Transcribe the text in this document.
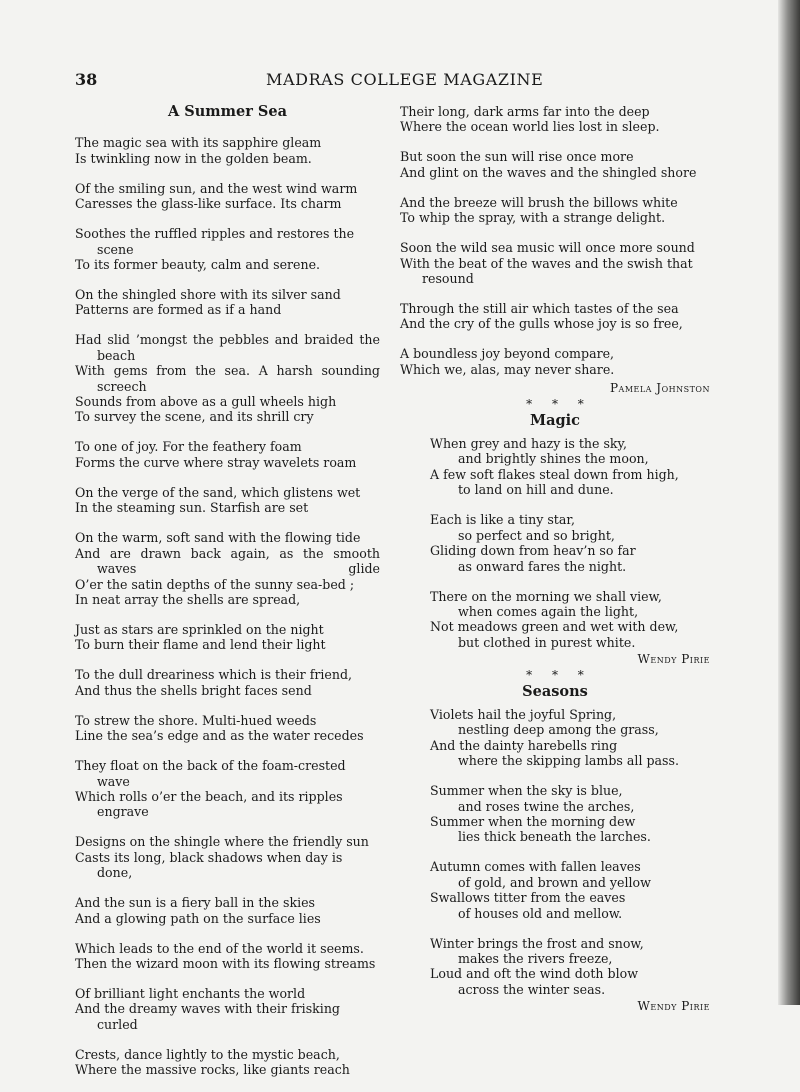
38	MADRAS COLLEGE MAGAZINE
A Summer Sea
The magic sea with its sapphire gleam
Is twinkling now in the golden beam.
Of the smiling sun, and the west wind warm
Caresses the glass-like surface. Its charm
Soothes the ruffled ripples and restores the scene
To its former beauty, calm and serene.
On the shingled shore with its silver sand
Patterns are formed as if a hand
Had slid ’mongst the pebbles and braided the beach
With gems from the sea. A harsh sounding screech
Sounds from above as a gull wheels high
To survey the scene, and its shrill cry
To one of joy. For the feathery foam
Forms the curve where stray wavelets roam
On the verge of the sand, which glistens wet
In the steaming sun. Starfish are set
On the warm, soft sand with the flowing tide
And are drawn back again, as the smooth waves glide
O’er the satin depths of the sunny sea-bed ;
In neat array the shells are spread,
Just as stars are sprinkled on the night
To burn their flame and lend their light
To the dull dreariness which is their friend,
And thus the shells bright faces send
To strew the shore. Multi-hued weeds
Line the sea’s edge and as the water recedes
They float on the back of the foam-crested wave
Which rolls o’er the beach, and its ripples engrave
Designs on the shingle where the friendly sun
Casts its long, black shadows when day is done,
And the sun is a fiery ball in the skies
And a glowing path on the surface lies
Which leads to the end of the world it seems.
Then the wizard moon with its flowing streams
Of brilliant light enchants the world
And the dreamy waves with their frisking curled
Crests, dance lightly to the mystic beach,
Where the massive rocks, like giants reach
Their long, dark arms far into the deep
Where the ocean world lies lost in sleep.
But soon the sun will rise once more
And glint on the waves and the shingled shore
And the breeze will brush the billows white
To whip the spray, with a strange delight.
Soon the wild sea music will once more sound
With the beat of the waves and the swish that resound
Through the still air which tastes of the sea
And the cry of the gulls whose joy is so free,
A boundless joy beyond compare,
Which we, alas, may never share.
Pamela Johnston
* * *
Magic
When grey and hazy is the sky,
and brightly shines the moon,
A few soft flakes steal down from high,
to land on hill and dune.
Each is like a tiny star,
so perfect and so bright,
Gliding down from heav’n so far
as onward fares the night.
There on the morning we shall view,
when comes again the light,
Not meadows green and wet with dew,
but clothed in purest white.
Wendy Pirie
* * *
Seasons
Violets hail the joyful Spring,
nestling deep among the grass,
And the dainty harebells ring
where the skipping lambs all pass.
Summer when the sky is blue,
and roses twine the arches,
Summer when the morning dew
lies thick beneath the larches.
Autumn comes with fallen leaves
of gold, and brown and yellow
Swallows titter from the eaves
of houses old and mellow.
Winter brings the frost and snow,
makes the rivers freeze,
Loud and oft the wind doth blow
across the winter seas.
Wendy Pirie
